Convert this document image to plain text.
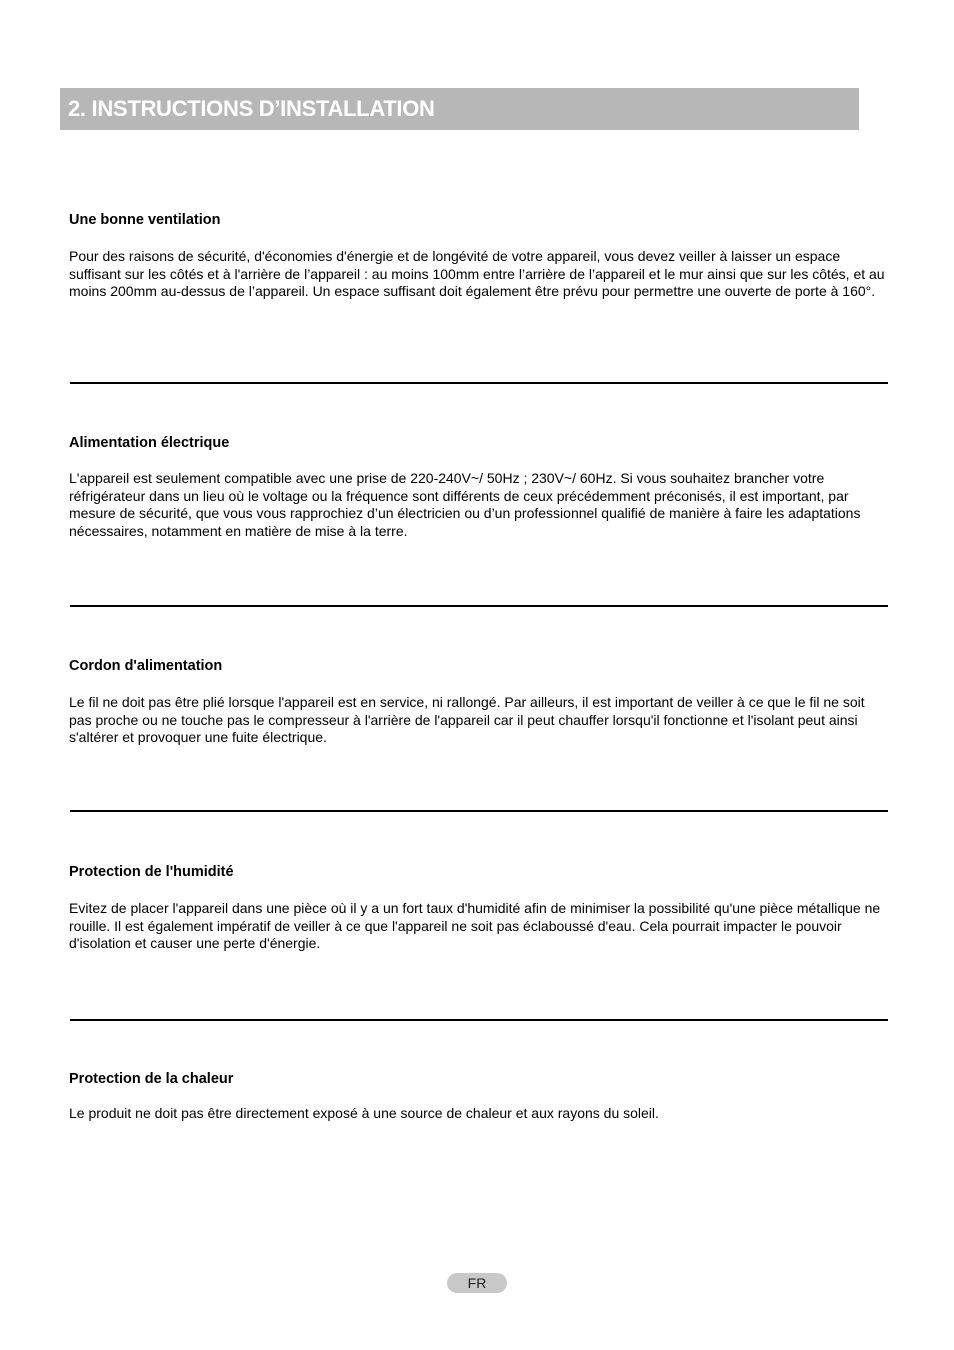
2. INSTRUCTIONS D’INSTALLATION
Une bonne ventilation
Pour des raisons de sécurité, d'économies d'énergie et de longévité de votre appareil, vous devez veiller à laisser un espace suffisant sur les côtés et à l'arrière de l’appareil : au moins 100mm entre l’arrière de l’appareil et le mur ainsi que sur les côtés, et au moins 200mm au-dessus de l’appareil. Un espace suffisant doit également être prévu pour permettre une ouverte de porte à 160°.
Alimentation électrique
L'appareil est seulement compatible avec une prise de 220-240V~/ 50Hz ; 230V~/ 60Hz. Si vous souhaitez brancher votre réfrigérateur dans un lieu où le voltage ou la fréquence sont différents de ceux précédemment préconisés, il est important, par mesure de sécurité, que vous vous rapprochiez d’un électricien ou d’un professionnel qualifié de manière à faire les adaptations nécessaires, notamment en matière de mise à la terre.
Cordon d'alimentation
Le fil ne doit pas être plié lorsque l'appareil est en service, ni rallongé. Par ailleurs, il est important de veiller à ce que le fil ne soit pas proche ou ne touche pas le compresseur à l'arrière de l'appareil car il peut chauffer lorsqu'il fonctionne et l'isolant peut ainsi s'altérer et provoquer une fuite électrique.
Protection de l'humidité
Evitez de placer l'appareil dans une pièce où il y a un fort taux d'humidité afin de minimiser la possibilité qu'une pièce métallique ne rouille. Il est également impératif de veiller à ce que l'appareil ne soit pas éclaboussé d'eau. Cela pourrait impacter le pouvoir d'isolation et causer une perte d'énergie.
Protection de la chaleur
Le produit ne doit pas être directement exposé à une source de chaleur et aux rayons du soleil.
FR
